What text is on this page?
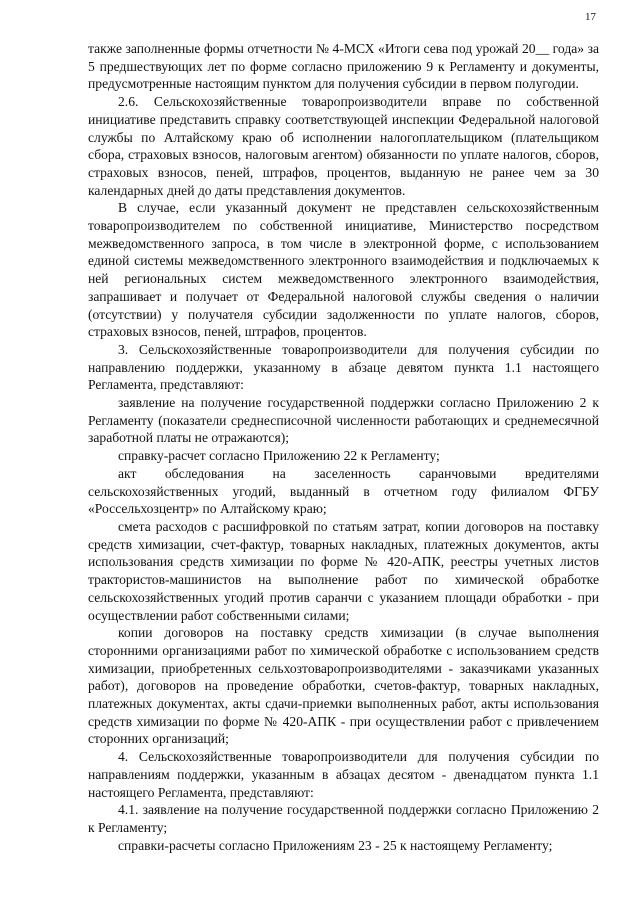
17

также заполненные формы отчетности № 4-МСХ «Итоги сева под урожай 20__ года» за 5 предшествующих лет по форме согласно приложению 9 к Регламенту и документы, предусмотренные настоящим пунктом для получения субсидии в первом полугодии.

2.6. Сельскохозяйственные товаропроизводители вправе по собственной инициативе представить справку соответствующей инспекции Федеральной налоговой службы по Алтайскому краю об исполнении налогоплательщиком (плательщиком сбора, страховых взносов, налоговым агентом) обязанности по уплате налогов, сборов, страховых взносов, пеней, штрафов, процентов, выданную не ранее чем за 30 календарных дней до даты представления документов.

В случае, если указанный документ не представлен сельскохозяйственным товаропроизводителем по собственной инициативе, Министерство посредством межведомственного запроса, в том числе в электронной форме, с использованием единой системы межведомственного электронного взаимодействия и подключаемых к ней региональных систем межведомственного электронного взаимодействия, запрашивает и получает от Федеральной налоговой службы сведения о наличии (отсутствии) у получателя субсидии задолженности по уплате налогов, сборов, страховых взносов, пеней, штрафов, процентов.

3. Сельскохозяйственные товаропроизводители для получения субсидии по направлению поддержки, указанному в абзаце девятом пункта 1.1 настоящего Регламента, представляют:

заявление на получение государственной поддержки согласно Приложению 2 к Регламенту (показатели среднесписочной численности работающих и среднемесячной заработной платы не отражаются);

справку-расчет согласно Приложению 22 к Регламенту;

акт обследования на заселенность саранчовыми вредителями сельскохозяйственных угодий, выданный в отчетном году филиалом ФГБУ «Россельхозцентр» по Алтайскому краю;

смета расходов с расшифровкой по статьям затрат, копии договоров на поставку средств химизации, счет-фактур, товарных накладных, платежных документов, акты использования средств химизации по форме № 420-АПК, реестры учетных листов трактористов-машинистов на выполнение работ по химической обработке сельскохозяйственных угодий против саранчи с указанием площади обработки - при осуществлении работ собственными силами;

копии договоров на поставку средств химизации (в случае выполнения сторонними организациями работ по химической обработке с использованием средств химизации, приобретенных сельхозтоваропроизводителями - заказчиками указанных работ), договоров на проведение обработки, счетов-фактур, товарных накладных, платежных документах, акты сдачи-приемки выполненных работ, акты использования средств химизации по форме № 420-АПК - при осуществлении работ с привлечением сторонних организаций;

4. Сельскохозяйственные товаропроизводители для получения субсидии по направлениям поддержки, указанным в абзацах десятом - двенадцатом пункта 1.1 настоящего Регламента, представляют:

4.1. заявление на получение государственной поддержки согласно Приложению 2 к Регламенту;

справки-расчеты согласно Приложениям 23 - 25 к настоящему Регламенту;
